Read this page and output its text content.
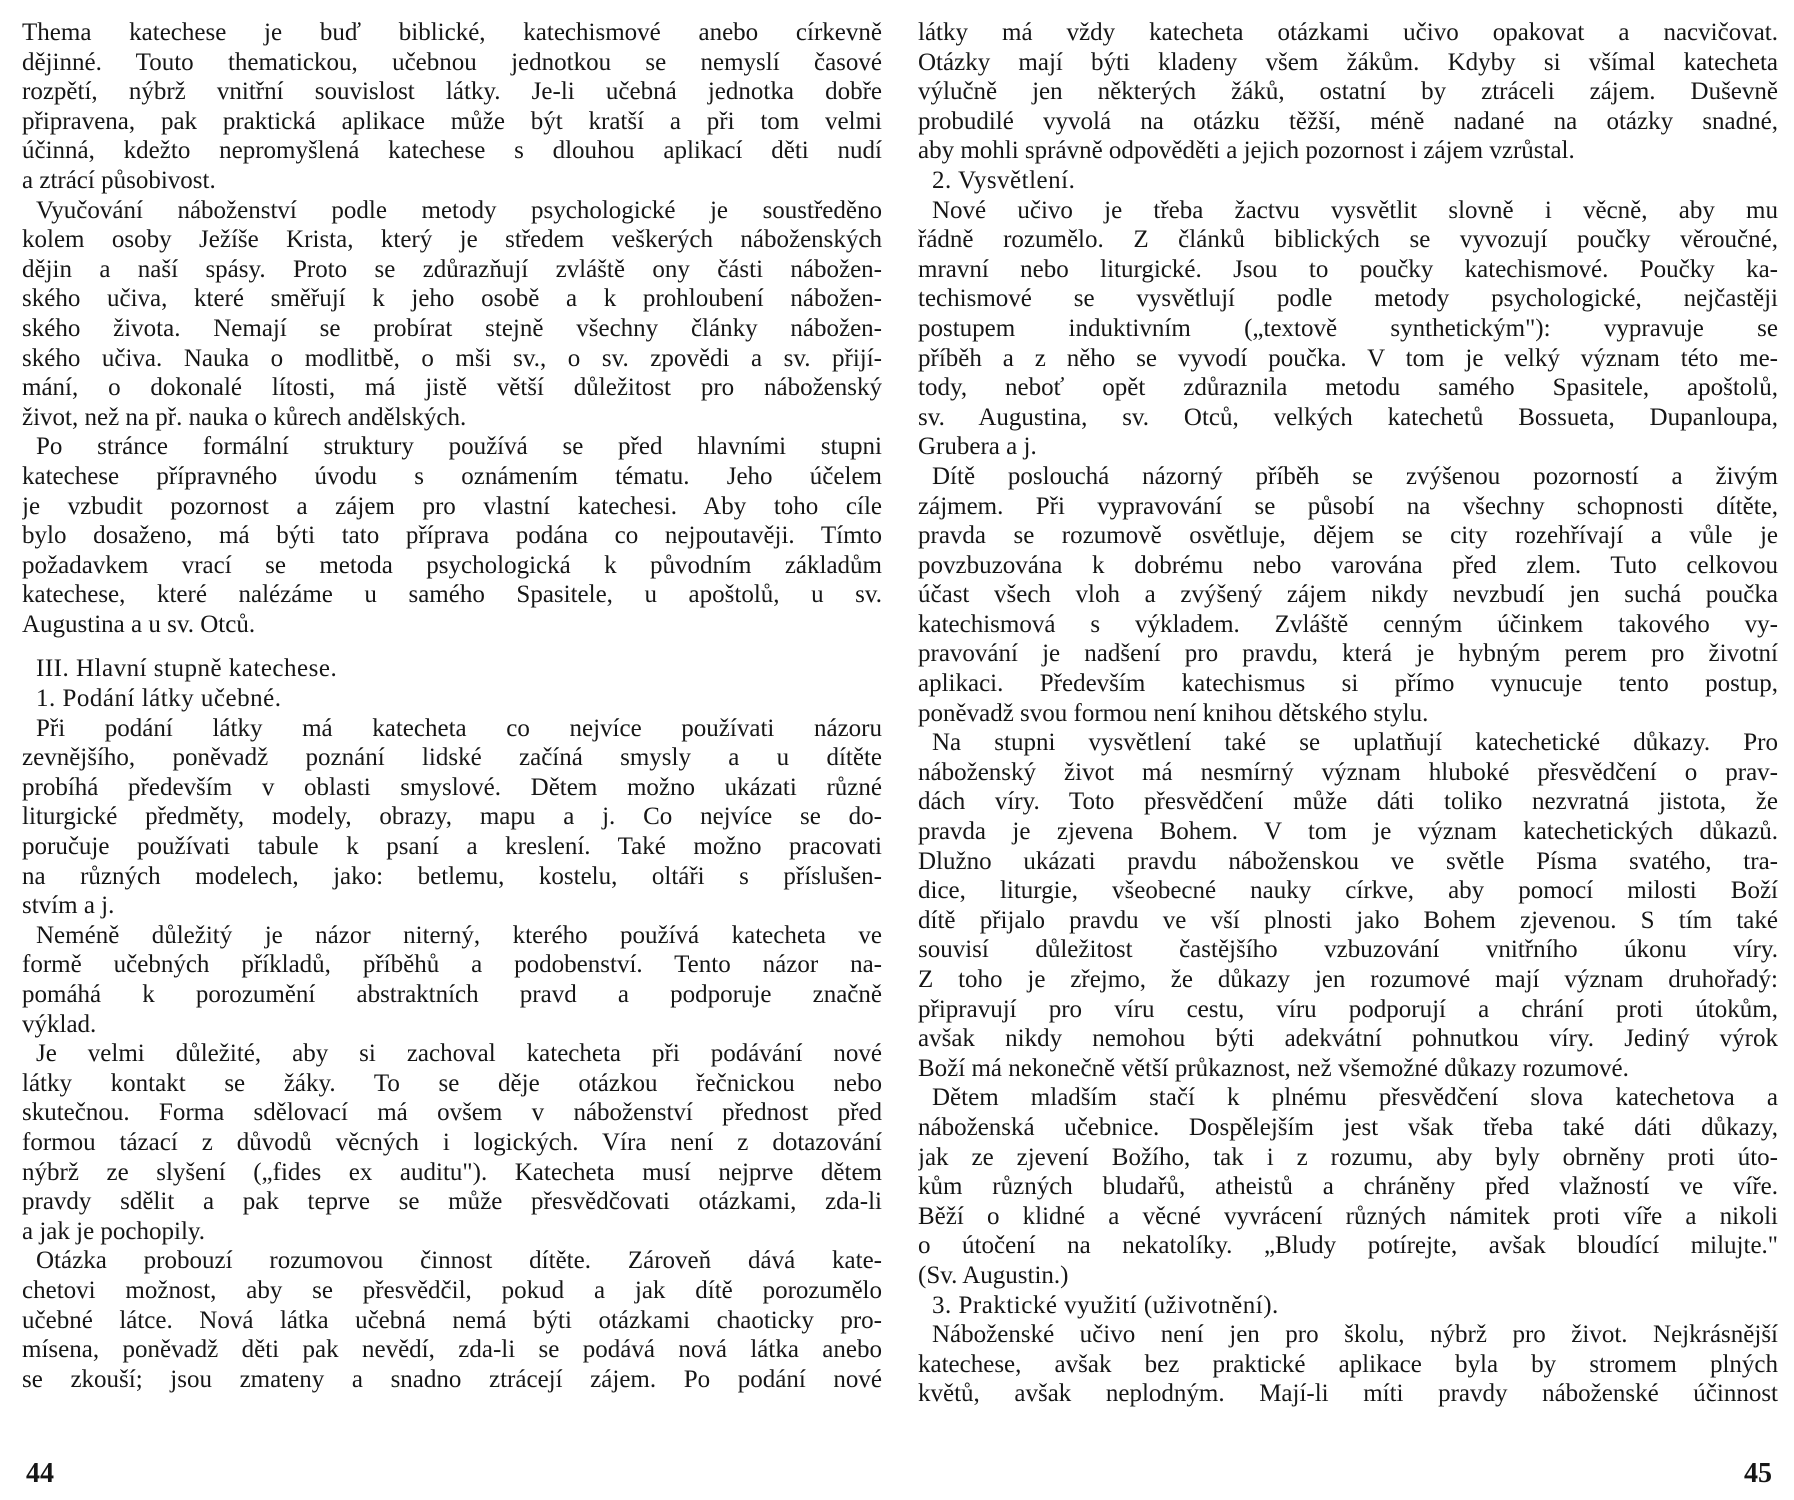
Thema katechese je buď biblické, katechismové anebo církevně
dějinné. Touto thematickou, učebnou jednotkou se nemyslí časové
rozpětí, nýbrž vnitřní souvislost látky. Je-li učebná jednotka dobře
připravena, pak praktická aplikace může být kratší a při tom velmi
účinná, kdežto nepromyšlená katechese s dlouhou aplikací děti nudí
a ztrácí působivost.
Vyučování náboženství podle metody psychologické je soustředěno
kolem osoby Ježíše Krista, který je středem veškerých náboženských
dějin a naší spásy. Proto se zdůrazňují zvláště ony části nábožen-
ského učiva, které směřují k jeho osobě a k prohloubení nábožen-
ského života. Nemají se probírat stejně všechny články nábožen-
ského učiva. Nauka o modlitbě, o mši sv., o sv. zpovědi a sv. přijí-
mání, o dokonalé lítosti, má jistě větší důležitost pro náboženský
život, než na př. nauka o kůrech andělských.
Po stránce formální struktury používá se před hlavními stupni
katechese přípravného úvodu s oznámením tématu. Jeho účelem
je vzbudit pozornost a zájem pro vlastní katechesi. Aby toho cíle
bylo dosaženo, má býti tato příprava podána co nejpoutavěji. Tímto
požadavkem vrací se metoda psychologická k původním základům
katechese, které nalézáme u samého Spasitele, u apoštolů, u sv.
Augustina a u sv. Otců.
III. Hlavní stupně katechese.
1. Podání látky učebné.
Při podání látky má katecheta co nejvíce používati názoru
zevnějšího, poněvadž poznání lidské začíná smysly a u dítěte
probíhá především v oblasti smyslové. Dětem možno ukázati různé
liturgické předměty, modely, obrazy, mapu a j. Co nejvíce se do-
poručuje používati tabule k psaní a kreslení. Také možno pracovati
na různých modelech, jako: betlemu, kostelu, oltáři s příslušen-
stvím a j.
Neméně důležitý je názor niterný, kterého používá katecheta ve
formě učebných příkladů, příběhů a podobenství. Tento názor na-
pomáhá k porozumění abstraktních pravd a podporuje značně
výklad.
Je velmi důležité, aby si zachoval katecheta při podávání nové
látky kontakt se žáky. To se děje otázkou řečnickou nebo
skutečnou. Forma sdělovací má ovšem v náboženství přednost před
formou tázací z důvodů věcných i logických. Víra není z dotazování
nýbrž ze slyšení („fides ex auditu"). Katecheta musí nejprve dětem
pravdy sdělit a pak teprve se může přesvědčovati otázkami, zda-li
a jak je pochopily.
Otázka probouzí rozumovou činnost dítěte. Zároveň dává kate-
chetovi možnost, aby se přesvědčil, pokud a jak dítě porozumělo
učebné látce. Nová látka učebná nemá býti otázkami chaoticky pro-
mísena, poněvadž děti pak nevědí, zda-li se podává nová látka anebo
se zkouší; jsou zmateny a snadno ztrácejí zájem. Po podání nové
látky má vždy katecheta otázkami učivo opakovat a nacvičovat.
Otázky mají býti kladeny všem žákům. Kdyby si všímal katecheta
výlučně jen některých žáků, ostatní by ztráceli zájem. Duševně
probudilé vyvolá na otázku těžší, méně nadané na otázky snadné,
aby mohli správně odpověděti a jejich pozornost i zájem vzrůstal.
2. Vysvětlení.
Nové učivo je třeba žactvu vysvětlit slovně i věcně, aby mu
řádně rozumělo. Z článků biblických se vyvozují poučky věroučné,
mravní nebo liturgické. Jsou to poučky katechismové. Poučky ka-
techismové se vysvětlují podle metody psychologické, nejčastěji
postupem induktivním („textově synthetickým"): vypravuje se
příběh a z něho se vyvodí poučka. V tom je velký význam této me-
tody, neboť opět zdůraznila metodu samého Spasitele, apoštolů,
sv. Augustina, sv. Otců, velkých katechetů Bossueta, Dupanloupa,
Grubera a j.
Dítě poslouchá názorný příběh se zvýšenou pozorností a živým
zájmem. Při vypravování se působí na všechny schopnosti dítěte,
pravda se rozumově osvětluje, dějem se city rozehřívají a vůle je
povzbuzována k dobrému nebo varována před zlem. Tuto celkovou
účast všech vloh a zvýšený zájem nikdy nevzbudí jen suchá poučka
katechismová s výkladem. Zvláště cenným účinkem takového vy-
pravování je nadšení pro pravdu, která je hybným perem pro životní
aplikaci. Především katechismus si přímo vynucuje tento postup,
poněvadž svou formou není knihou dětského stylu.
Na stupni vysvětlení také se uplatňují katechetické důkazy. Pro
náboženský život má nesmírný význam hluboké přesvědčení o prav-
dách víry. Toto přesvědčení může dáti toliko nezvratná jistota, že
pravda je zjevena Bohem. V tom je význam katechetických důkazů.
Dlužno ukázati pravdu náboženskou ve světle Písma svatého, tra-
dice, liturgie, všeobecné nauky církve, aby pomocí milosti Boží
dítě přijalo pravdu ve vší plnosti jako Bohem zjevenou. S tím také
souvisí důležitost častějšího vzbuzování vnitřního úkonu víry.
Z toho je zřejmo, že důkazy jen rozumové mají význam druhořadý:
připravují pro víru cestu, víru podporují a chrání proti útokům,
avšak nikdy nemohou býti adekvátní pohnutkou víry. Jediný výrok
Boží má nekonečně větší průkaznost, než všemožné důkazy rozumové.
Dětem mladším stačí k plnému přesvědčení slova katechetova a
náboženská učebnice. Dospělejším jest však třeba také dáti důkazy,
jak ze zjevení Božího, tak i z rozumu, aby byly obrněny proti úto-
kům různých bludařů, atheistů a chráněny před vlažností ve víře.
Běží o klidné a věcné vyvrácení různých námitek proti víře a nikoli
o útočení na nekatolíky. „Bludy potírejte, avšak bloudící milujte."
(Sv. Augustin.)
3. Praktické využití (uživotnění).
Náboženské učivo není jen pro školu, nýbrž pro život. Nejkrásnější
katechese, avšak bez praktické aplikace byla by stromem plných
květů, avšak neplodným. Mají-li míti pravdy náboženské účinnost
44	45
